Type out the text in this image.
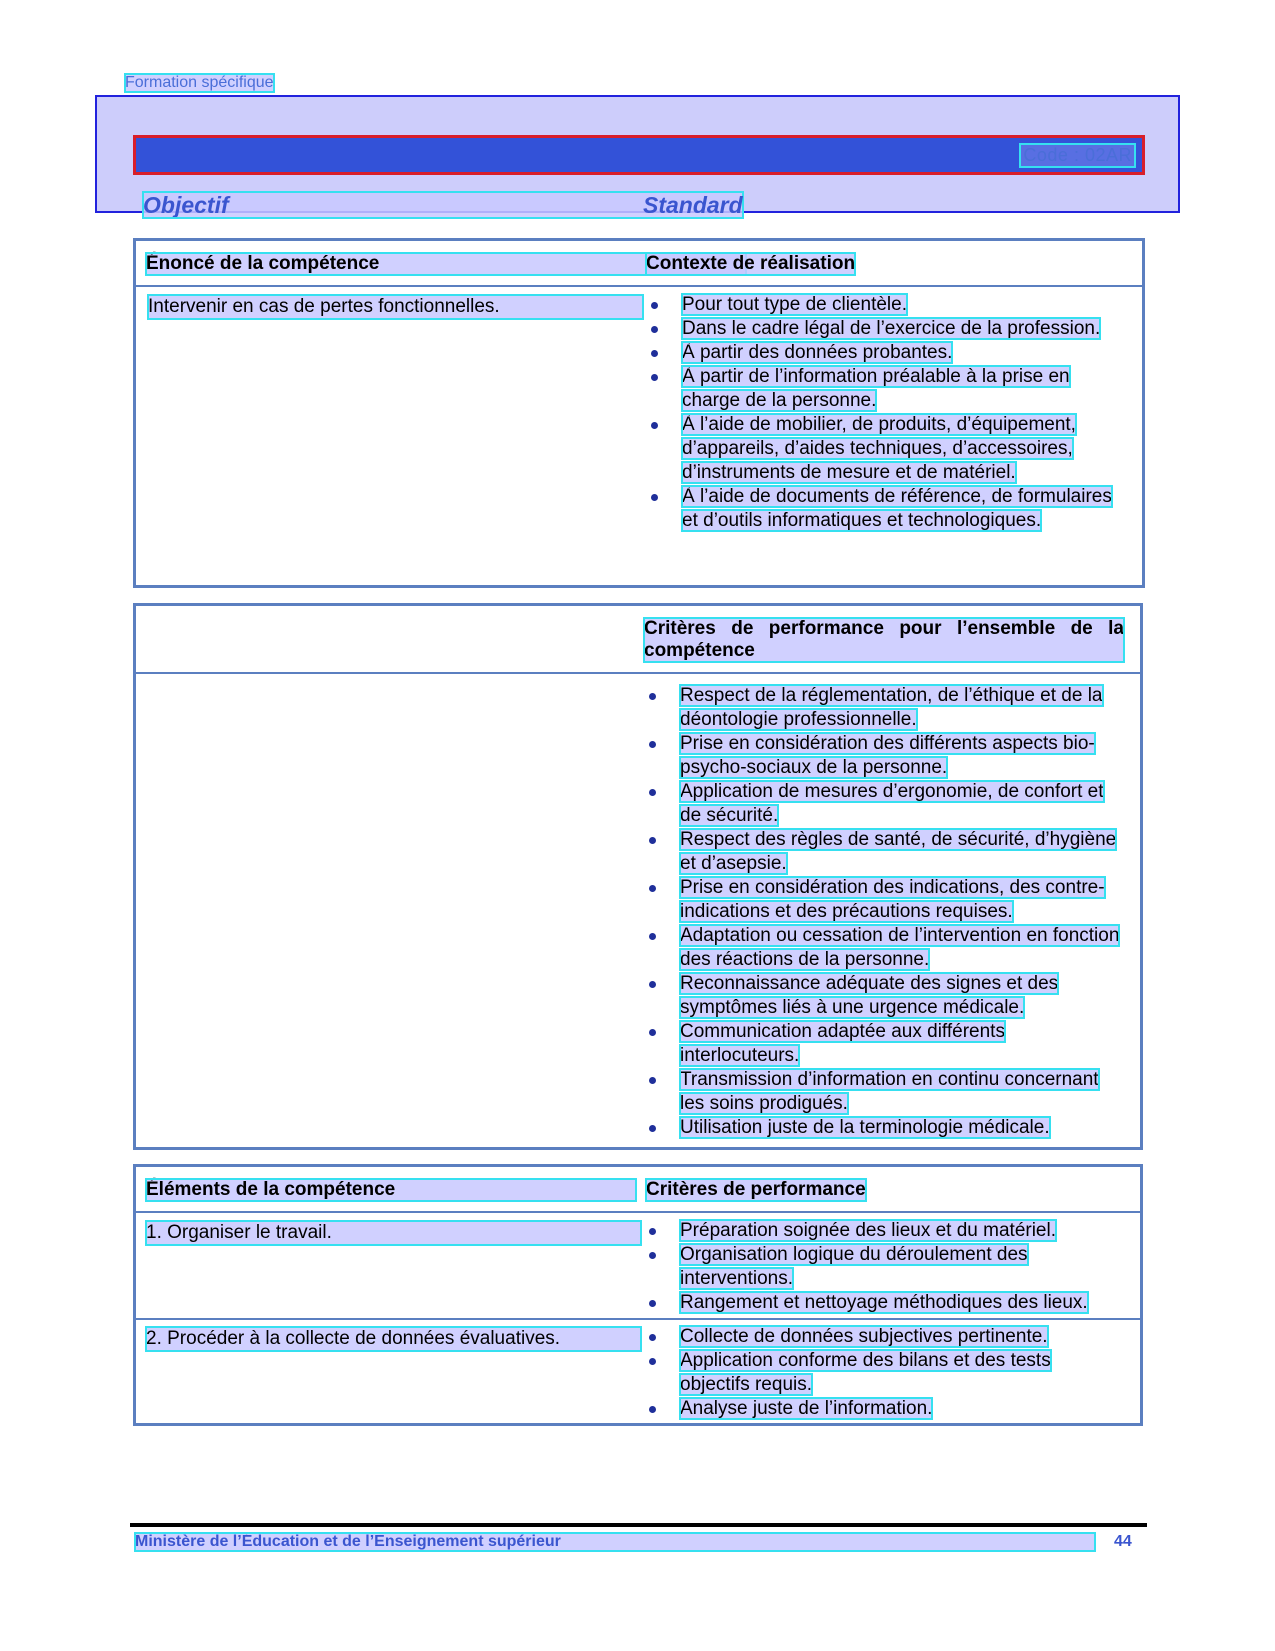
Formation spécifique
Code : 02AR
Objectif	Standard
Énoncé de la compétence	Contexte de réalisation
Intervenir en cas de pertes fonctionnelles.	Pour tout type de clientèle.
Dans le cadre légal de l’exercice de la profession.
À partir des données probantes.
À partir de l’information préalable à la prise en charge de la personne.
À l’aide de mobilier, de produits, d’équipement, d’appareils, d’aides techniques, d’accessoires, d’instruments de mesure et de matériel.
À l’aide de documents de référence, de formulaires et d’outils informatiques et technologiques.
Critères de performance pour l’ensemble de la compétence
Respect de la réglementation, de l’éthique et de la déontologie professionnelle.
Prise en considération des différents aspects bio-psycho-sociaux de la personne.
Application de mesures d’ergonomie, de confort et de sécurité.
Respect des règles de santé, de sécurité, d’hygiène et d’asepsie.
Prise en considération des indications, des contre-indications et des précautions requises.
Adaptation ou cessation de l’intervention en fonction des réactions de la personne.
Reconnaissance adéquate des signes et des symptômes liés à une urgence médicale.
Communication adaptée aux différents interlocuteurs.
Transmission d’information en continu concernant les soins prodigués.
Utilisation juste de la terminologie médicale.
Éléments de la compétence	Critères de performance
1. Organiser le travail.	Préparation soignée des lieux et du matériel.
Organisation logique du déroulement des interventions.
Rangement et nettoyage méthodiques des lieux.
2. Procéder à la collecte de données évaluatives.	Collecte de données subjectives pertinente.
Application conforme des bilans et des tests objectifs requis.
Analyse juste de l’information.
Ministère de l’Éducation et de l’Enseignement supérieur	44
